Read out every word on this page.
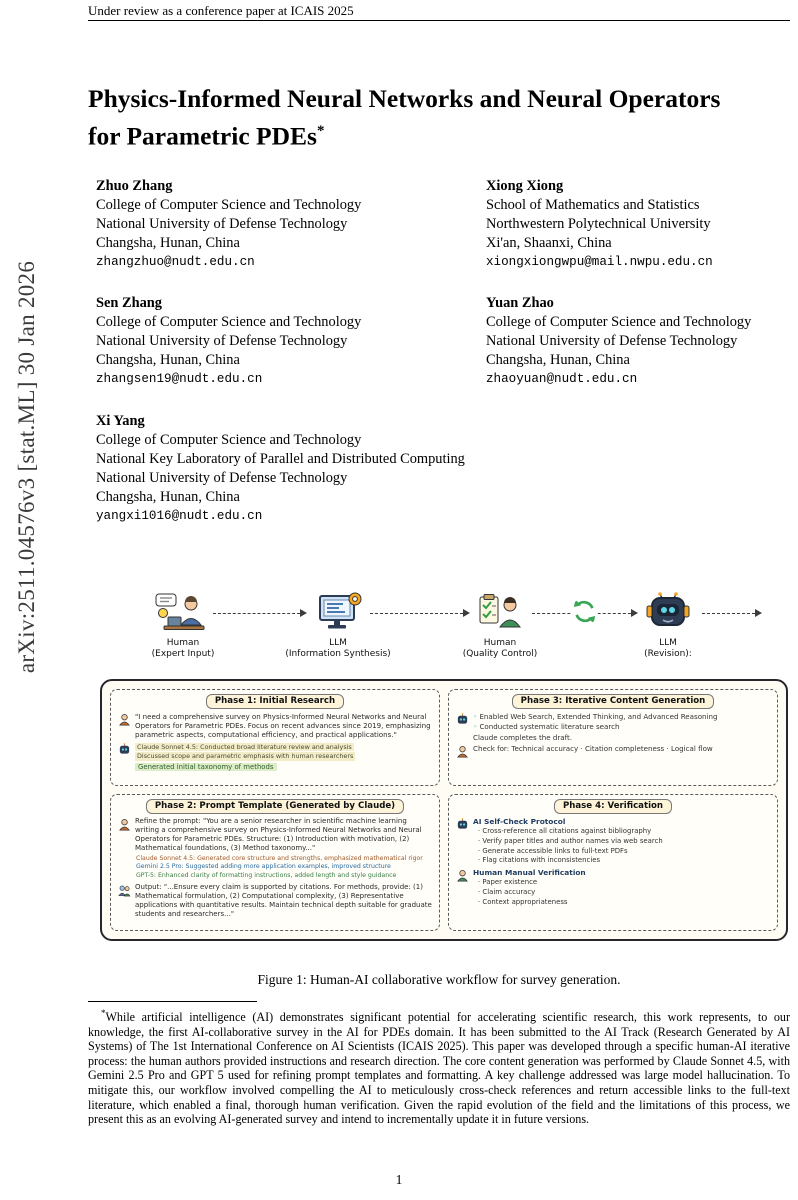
Under review as a conference paper at ICAIS 2025
arXiv:2511.04576v3 [stat.ML] 30 Jan 2026
Physics-Informed Neural Networks and Neural Operators
for Parametric PDEs*
Zhuo Zhang
College of Computer Science and Technology
National University of Defense Technology
Changsha, Hunan, China
zhangzhuo@nudt.edu.cn
Xiong Xiong
School of Mathematics and Statistics
Northwestern Polytechnical University
Xi'an, Shaanxi, China
xiongxiongwpu@mail.nwpu.edu.cn
Sen Zhang
College of Computer Science and Technology
National University of Defense Technology
Changsha, Hunan, China
zhangsen19@nudt.edu.cn
Yuan Zhao
College of Computer Science and Technology
National University of Defense Technology
Changsha, Hunan, China
zhaoyuan@nudt.edu.cn
Xi Yang
College of Computer Science and Technology
National Key Laboratory of Parallel and Distributed Computing
National University of Defense Technology
Changsha, Hunan, China
yangxi1016@nudt.edu.cn
Human
(Expert Input)
LLM
(Information Synthesis)
Human
(Quality Control)
LLM
(Revision):
Phase 1: Initial Research
"I need a comprehensive survey on Physics-Informed Neural Networks and Neural Operators for Parametric PDEs. Focus on recent advances since 2019, emphasizing parametric aspects, computational efficiency, and practical applications."
Claude Sonnet 4.5: Conducted broad literature review and analysis
Discussed scope and parametric emphasis with human researchers
Generated initial taxonomy of methods
Phase 3: Iterative Content Generation
◦ Enabled Web Search, Extended Thinking, and Advanced Reasoning
◦ Conducted systematic literature search
Claude completes the draft.
Check for: Technical accuracy · Citation completeness · Logical flow
Phase 2: Prompt Template (Generated by Claude)
Refine the prompt: "You are a senior researcher in scientific machine learning writing a comprehensive survey on Physics-Informed Neural Networks and Neural Operators for Parametric PDEs. Structure: (1) Introduction with motivation, (2) Mathematical foundations, (3) Method taxonomy..."
Claude Sonnet 4.5: Generated core structure and strengths, emphasized mathematical rigor
Gemini 2.5 Pro: Suggested adding more application examples, improved structure
GPT-5: Enhanced clarity of formatting instructions, added length and style guidance
Output: "...Ensure every claim is supported by citations. For methods, provide: (1) Mathematical formulation, (2) Computational complexity, (3) Representative applications with quantitative results. Maintain technical depth suitable for graduate students and researchers..."
Phase 4: Verification
AI Self-Check Protocol
· Cross-reference all citations against bibliography
· Verify paper titles and author names via web search
· Generate accessible links to full-text PDFs
· Flag citations with inconsistencies
Human Manual Verification
· Paper existence
· Claim accuracy
· Context appropriateness
Figure 1: Human-AI collaborative workflow for survey generation.
*While artificial intelligence (AI) demonstrates significant potential for accelerating scientific research, this work represents, to our knowledge, the first AI-collaborative survey in the AI for PDEs domain. It has been submitted to the AI Track (Research Generated by AI Systems) of The 1st International Conference on AI Scientists (ICAIS 2025). This paper was developed through a specific human-AI iterative process: the human authors provided instructions and research direction. The core content generation was performed by Claude Sonnet 4.5, with Gemini 2.5 Pro and GPT 5 used for refining prompt templates and formatting. A key challenge addressed was large model hallucination. To mitigate this, our workflow involved compelling the AI to meticulously cross-check references and return accessible links to the full-text literature, which enabled a final, thorough human verification. Given the rapid evolution of the field and the limitations of this process, we present this as an evolving AI-generated survey and intend to incrementally update it in future versions.
1
